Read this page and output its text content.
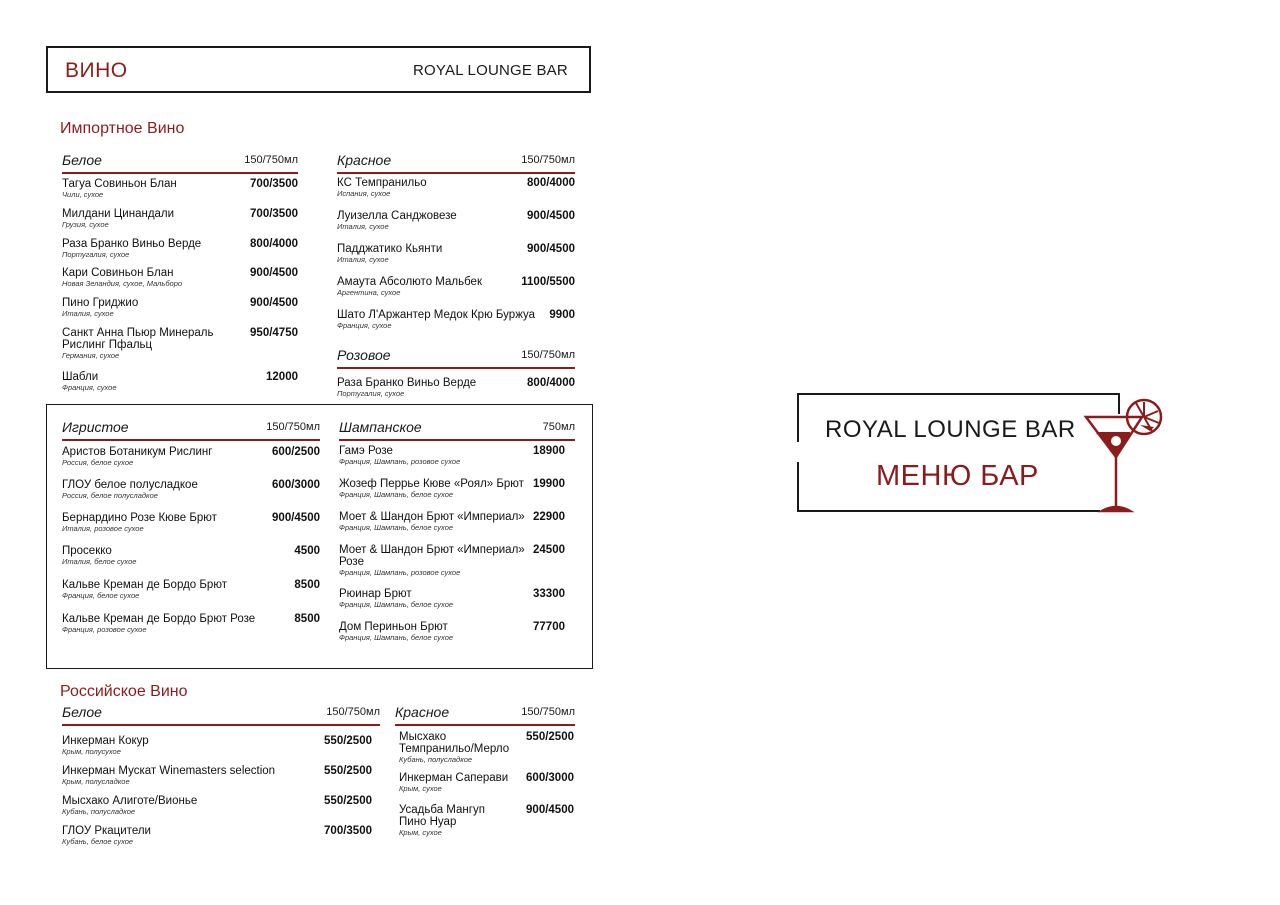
ВИНО	ROYAL LOUNGE BAR
Импортное Вино
Белое	150/750мл
Тагуа Совиньон Блан
Чили, сухое
700/3500
Милдани Цинандали
Грузия, сухое
700/3500
Раза Бранко Виньо Верде
Португалия, сухое
800/4000
Кари Совиньон Блан
Новая Зеландия, сухое, Мальборо
900/4500
Пино Гриджио
Италия, сухое
900/4500
Санкт Анна Пьюр Минераль
Рислинг Пфальц
Германия, сухое
950/4750
Шабли
Франция, сухое
12000
Красное	150/750мл
КС Темпранильо
Испания, сухое
800/4000
Луизелла Санджовезе
Италия, сухое
900/4500
Падджатико Кьянти
Италия, сухое
900/4500
Амаута Абсолюто Мальбек
Аргентина, сухое
1100/5500
Шато Л'Аржантер Медок Крю Буржуа
Франция, сухое
9900
Розовое	150/750мл
Раза Бранко Виньо Верде
Португалия, сухое
800/4000
Игристое	150/750мл
Аристов Ботаникум Рислинг
Россия, белое сухое
600/2500
ГЛОУ белое полусладкое
Россия, белое полусладкое
600/3000
Бернардино Розе Кюве Брют
Италия, розовое сухое
900/4500
Просекко
Италия, белое сухое
4500
Кальве Креман де Бордо Брют
Франция, белое сухое
8500
Кальве Креман де Бордо Брют Розе
Франция, розовое сухое
8500
Шампанское	750мл
Гамэ Розе
Франция, Шампань, розовое сухое
18900
Жозеф Перрье Кюве «Роял» Брют
Франция, Шампань, белое сухое
19900
Моет & Шандон Брют «Империал»
Франция, Шампань, белое сухое
22900
Моет & Шандон Брют «Империал»
Розе
Франция, Шампань, розовое сухое
24500
Рюинар Брют
Франция, Шампань, белое сухое
33300
Дом Периньон Брют
Франция, Шампань, белое сухое
77700
Российское Вино
Белое	150/750мл
Инкерман Кокур
Крым, полусухое
550/2500
Инкерман Мускат Winemasters selection
Крым, полусладкое
550/2500
Мысхако Алиготе/Вионье
Кубань, полусладкое
550/2500
ГЛОУ Ркацители
Кубань, белое сухое
700/3500
Красное	150/750мл
Мысхако
Темпранильо/Мерло
Кубань, полусладкое
550/2500
Инкерман Саперави
Крым, сухое
600/3000
Усадьба Мангуп
Пино Нуар
Крым, сухое
900/4500
ROYAL LOUNGE BAR
МЕНЮ БАР
